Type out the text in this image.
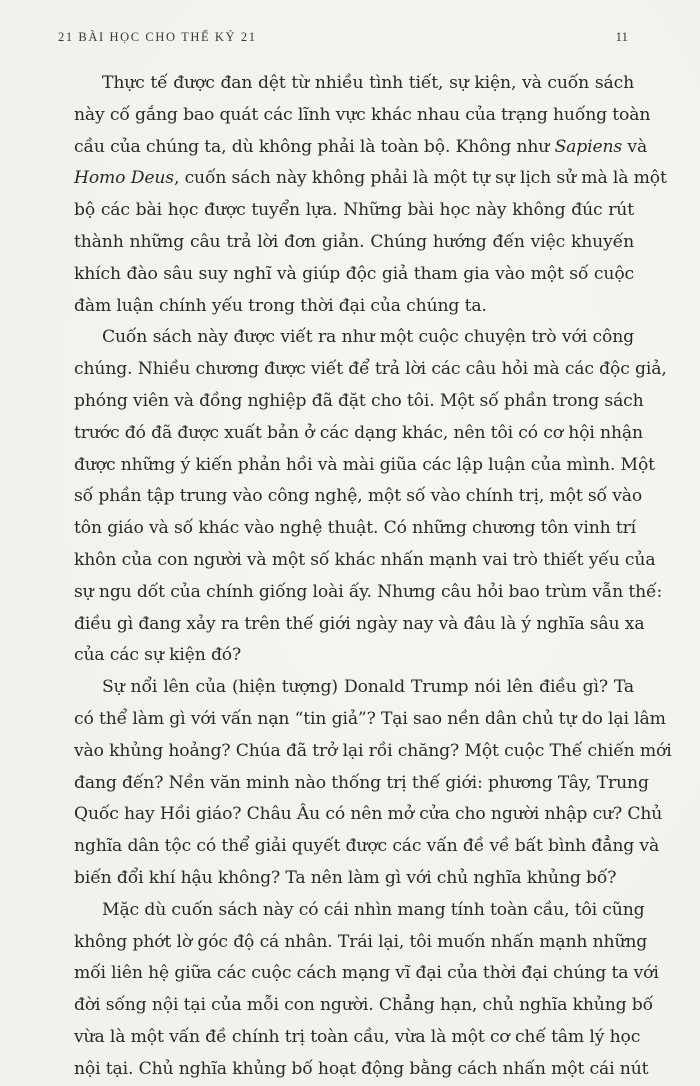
21 BÀI HỌC CHO THẾ KỶ 21	11
Thực tế được đan dệt từ nhiều tình tiết, sự kiện, và cuốn sách
này cố gắng bao quát các lĩnh vực khác nhau của trạng huống toàn
cầu của chúng ta, dù không phải là toàn bộ. Không như Sapiens và
Homo Deus, cuốn sách này không phải là một tự sự lịch sử mà là một
bộ các bài học được tuyển lựa. Những bài học này không đúc rút
thành những câu trả lời đơn giản. Chúng hướng đến việc khuyến
khích đào sâu suy nghĩ và giúp độc giả tham gia vào một số cuộc
đàm luận chính yếu trong thời đại của chúng ta.
Cuốn sách này được viết ra như một cuộc chuyện trò với công
chúng. Nhiều chương được viết để trả lời các câu hỏi mà các độc giả,
phóng viên và đồng nghiệp đã đặt cho tôi. Một số phần trong sách
trước đó đã được xuất bản ở các dạng khác, nên tôi có cơ hội nhận
được những ý kiến phản hồi và mài giũa các lập luận của mình. Một
số phần tập trung vào công nghệ, một số vào chính trị, một số vào
tôn giáo và số khác vào nghệ thuật. Có những chương tôn vinh trí
khôn của con người và một số khác nhấn mạnh vai trò thiết yếu của
sự ngu dốt của chính giống loài ấy. Nhưng câu hỏi bao trùm vẫn thế:
điều gì đang xảy ra trên thế giới ngày nay và đâu là ý nghĩa sâu xa
của các sự kiện đó?
Sự nổi lên của (hiện tượng) Donald Trump nói lên điều gì? Ta
có thể làm gì với vấn nạn “tin giả”? Tại sao nền dân chủ tự do lại lâm
vào khủng hoảng? Chúa đã trở lại rồi chăng? Một cuộc Thế chiến mới
đang đến? Nền văn minh nào thống trị thế giới: phương Tây, Trung
Quốc hay Hồi giáo? Châu Âu có nên mở cửa cho người nhập cư? Chủ
nghĩa dân tộc có thể giải quyết được các vấn đề về bất bình đẳng và
biến đổi khí hậu không? Ta nên làm gì với chủ nghĩa khủng bố?
Mặc dù cuốn sách này có cái nhìn mang tính toàn cầu, tôi cũng
không phớt lờ góc độ cá nhân. Trái lại, tôi muốn nhấn mạnh những
mối liên hệ giữa các cuộc cách mạng vĩ đại của thời đại chúng ta với
đời sống nội tại của mỗi con người. Chẳng hạn, chủ nghĩa khủng bố
vừa là một vấn đề chính trị toàn cầu, vừa là một cơ chế tâm lý học
nội tại. Chủ nghĩa khủng bố hoạt động bằng cách nhấn một cái nút
